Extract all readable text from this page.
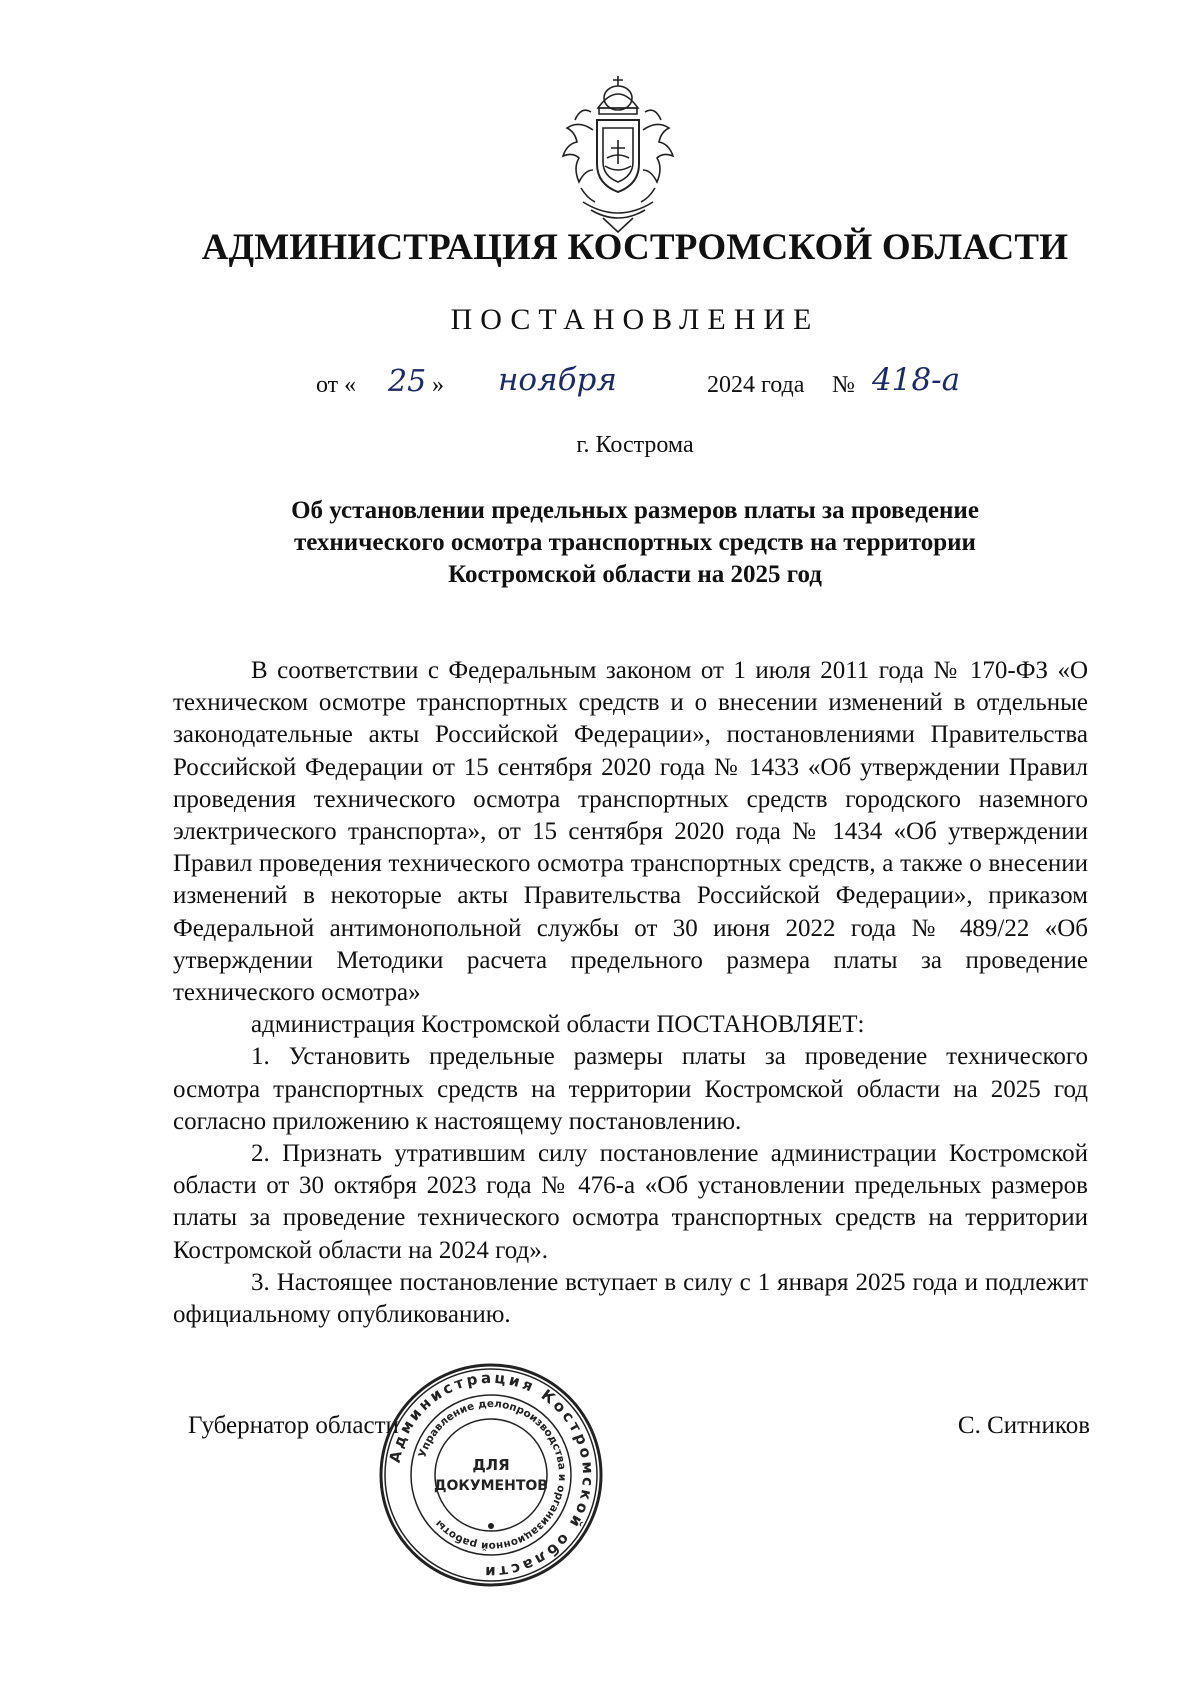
АДМИНИСТРАЦИЯ КОСТРОМСКОЙ ОБЛАСТИ
ПОСТАНОВЛЕНИЕ
от « 25 » ноября	2024 года № 418-а
г. Кострома
Об установлении предельных размеров платы за проведение
технического осмотра транспортных средств на территории
Костромской области на 2025 год

В соответствии с Федеральным законом от 1 июля 2011 года № 170-ФЗ «О техническом осмотре транспортных средств и о внесении изменений в отдельные законодательные акты Российской Федерации», постановлениями Правительства Российской Федерации от 15 сентября 2020 года № 1433 «Об утверждении Правил проведения технического осмотра транспортных средств городского наземного электрического транспорта», от 15 сентября 2020 года № 1434 «Об утверждении Правил проведения технического осмотра транспортных средств, а также о внесении изменений в некоторые акты Правительства Российской Федерации», приказом Федеральной антимонопольной службы от 30 июня 2022 года № 489/22 «Об утверждении Методики расчета предельного размера платы за проведение технического осмотра»

администрация Костромской области ПОСТАНОВЛЯЕТ:

1. Установить предельные размеры платы за проведение технического осмотра транспортных средств на территории Костромской области на 2025 год согласно приложению к настоящему постановлению.

2. Признать утратившим силу постановление администрации Костромской области от 30 октября 2023 года № 476-а «Об установлении предельных размеров платы за проведение технического осмотра транспортных средств на территории Костромской области на 2024 год».

3. Настоящее постановление вступает в силу с 1 января 2025 года и подлежит официальному опубликованию.

Губернатор области	С. Ситников
Администрация Костромской области
Управление делопроизводства и организационной работы
ДЛЯ
ДОКУМЕНТОВ
